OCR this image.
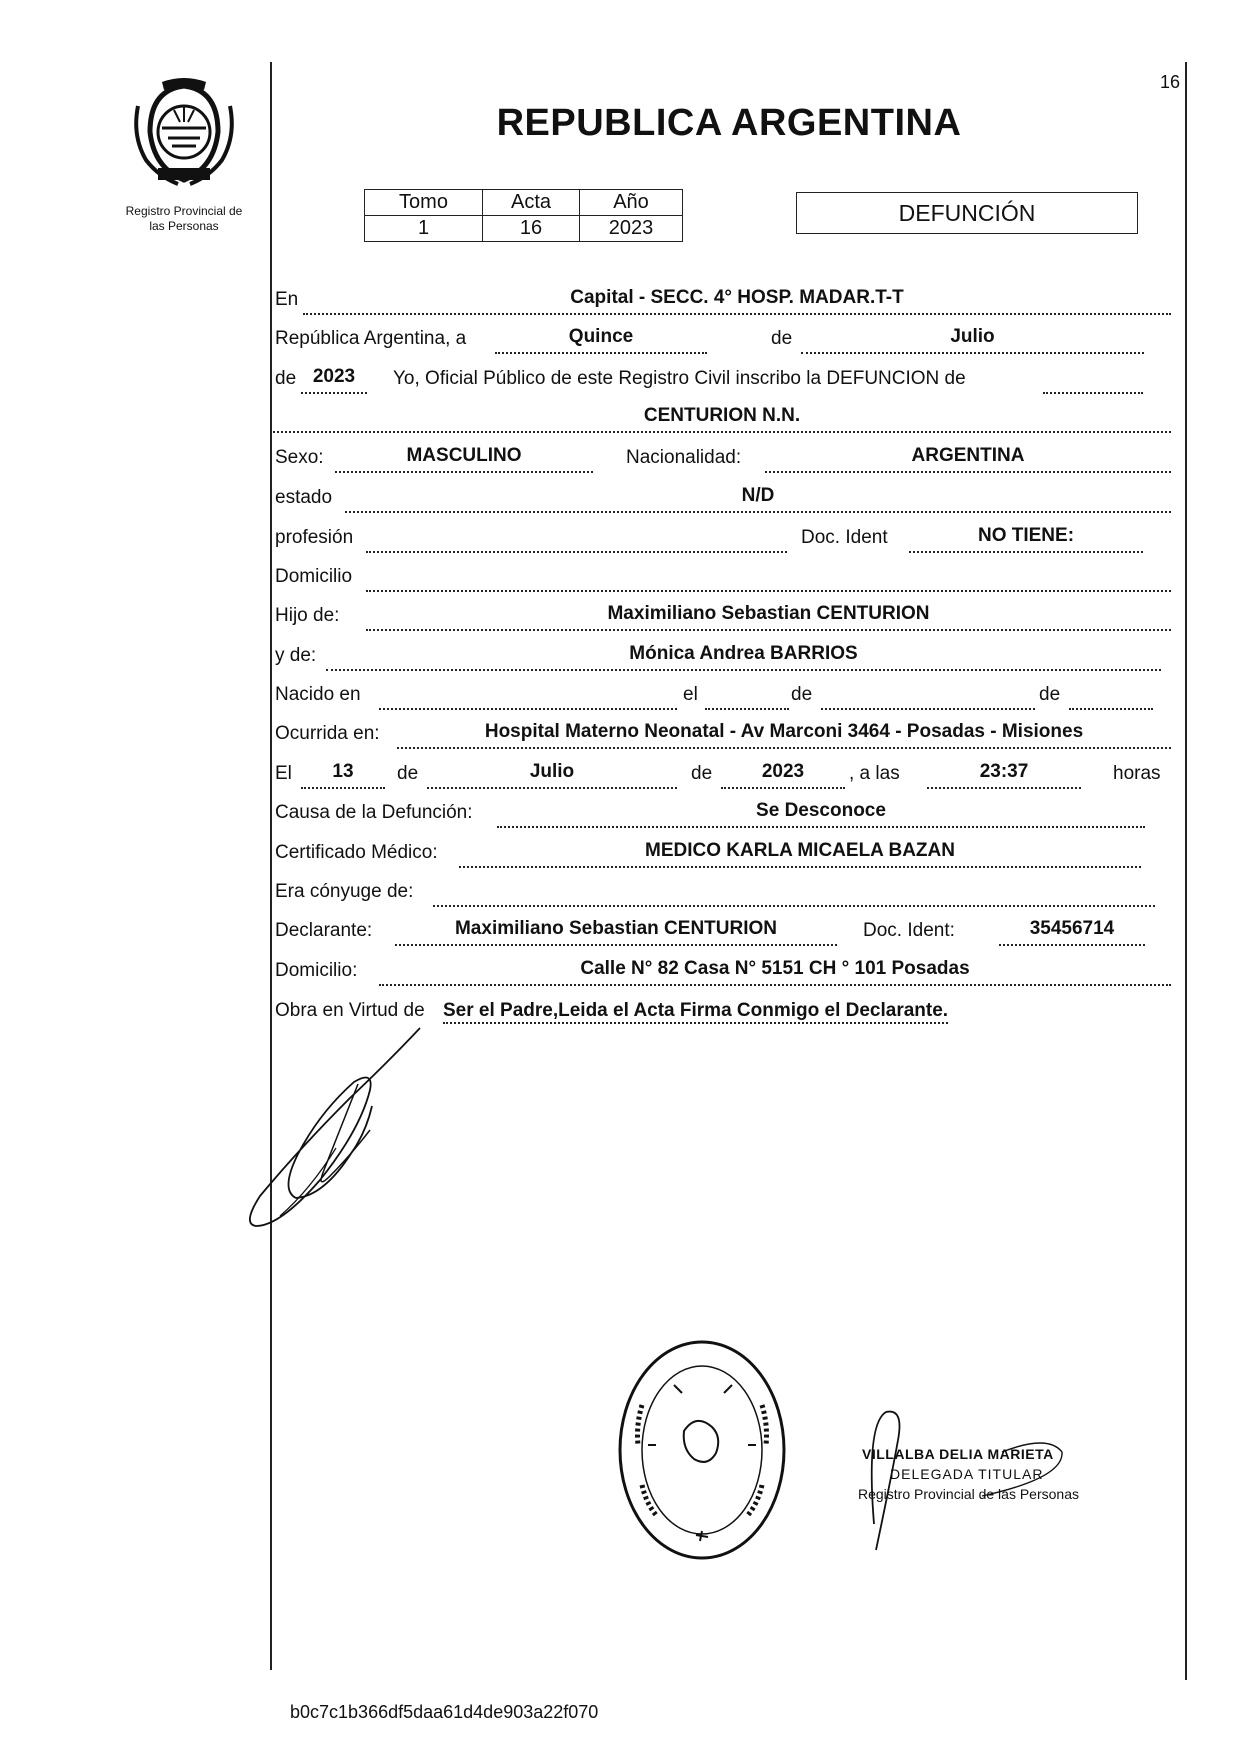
16
Registro Provincial de
las Personas
REPUBLICA ARGENTINA
Tomo	Acta	Año
1	16	2023
DEFUNCIÓN
En	Capital - SECC. 4° HOSP. MADAR.T-T
República Argentina, a	Quince	de	Julio
de 2023	Yo, Oficial Público de este Registro Civil inscribo la DEFUNCION de
CENTURION N.N.
Sexo:	MASCULINO	Nacionalidad:	ARGENTINA
estado	N/D
profesión	Doc. Ident	NO TIENE:
Domicilio
Hijo de:	Maximiliano Sebastian CENTURION
y de:	Mónica Andrea BARRIOS
Nacido en	el	de	de
Ocurrida en:	Hospital Materno Neonatal - Av Marconi 3464 - Posadas - Misiones
El	13	de	Julio	de	2023	, a las	23:37	horas
Causa de la Defunción:	Se Desconoce
Certificado Médico:	MEDICO KARLA MICAELA BAZAN
Era cónyuge de:
Declarante:	Maximiliano Sebastian CENTURION	Doc. Ident:	35456714
Domicilio:	Calle N° 82 Casa N° 5151 CH ° 101 Posadas
Obra en Virtud de Ser el Padre,Leida el Acta Firma Conmigo el Declarante.
VILLALBA DELIA MARIETA
DELEGADA TITULAR
Registro Provincial de las Personas
b0c7c1b366df5daa61d4de903a22f070
